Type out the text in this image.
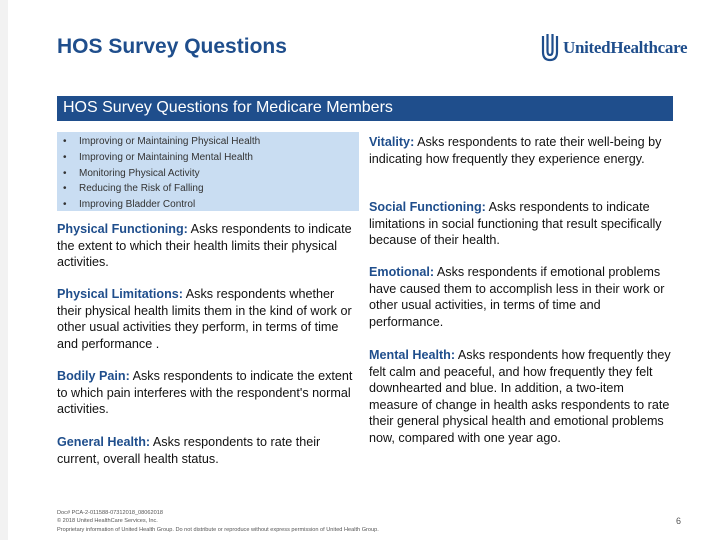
HOS Survey Questions	UnitedHealthcare
HOS Survey Questions for Medicare Members
•	Improving or Maintaining Physical Health
•	Improving or Maintaining Mental Health
•	Monitoring Physical Activity
•	Reducing the Risk of Falling
•	Improving Bladder Control

Physical Functioning: Asks respondents to indicate the extent to which their health limits their physical activities.

Physical Limitations: Asks respondents whether their physical health limits them in the kind of work or other usual activities they perform, in terms of time and performance .

Bodily Pain: Asks respondents to indicate the extent to which pain interferes with the respondent's normal activities.

General Health: Asks respondents to rate their current, overall health status.

Vitality: Asks respondents to rate their well-being by indicating how frequently they experience energy.

Social Functioning: Asks respondents to indicate limitations in social functioning that result specifically because of their health.

Emotional: Asks respondents if emotional problems have caused them to accomplish less in their work or other usual activities, in terms of time and performance.

Mental Health: Asks respondents how frequently they felt calm and peaceful, and how frequently they felt downhearted and blue. In addition, a two-item measure of change in health asks respondents to rate their general physical health and emotional problems now, compared with one year ago.

Doc# PCA-2-011588-07312018_08062018
© 2018 United HealthCare Services, Inc.
Proprietary information of United Health Group. Do not distribute or reproduce without express permission of United Health Group.
6
